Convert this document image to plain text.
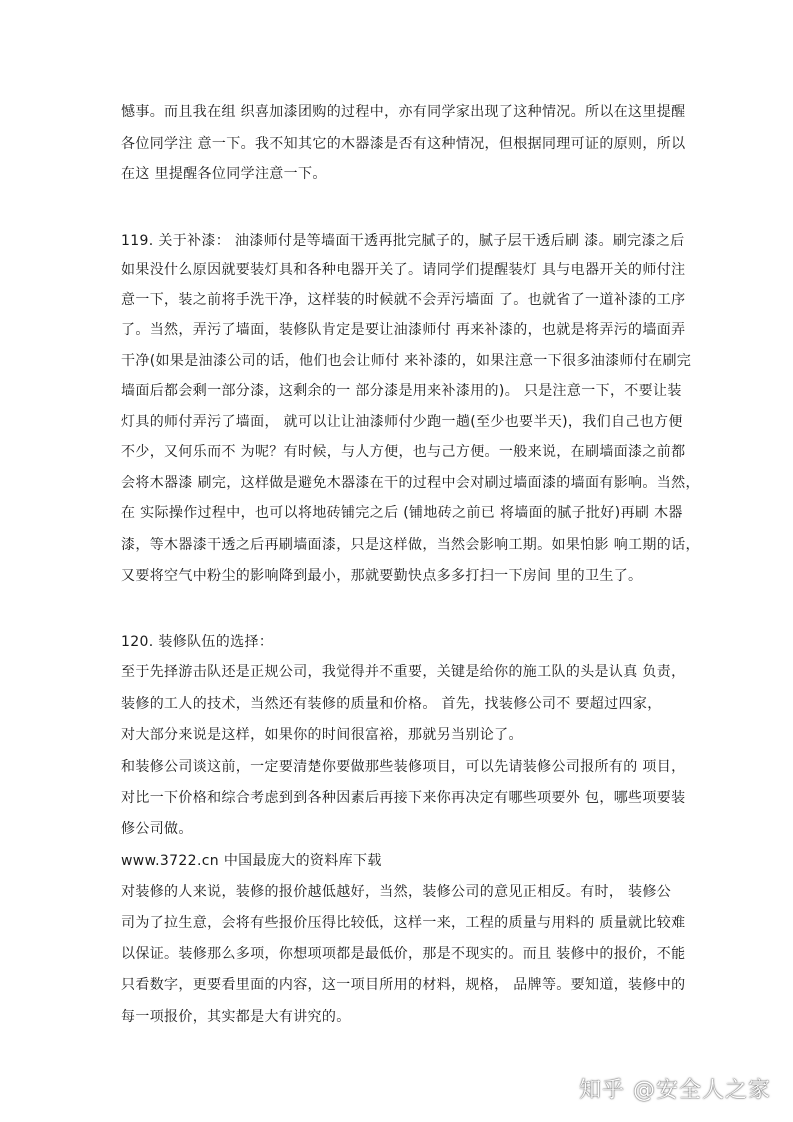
憾事。而且我在组 织喜加漆团购的过程中，亦有同学家出现了这种情况。所以在这里提醒
各位同学注 意一下。我不知其它的木器漆是否有这种情况，但根据同理可证的原则，所以
在这 里提醒各位同学注意一下。
119. 关于补漆： 油漆师付是等墙面干透再批完腻子的，腻子层干透后刷 漆。刷完漆之后
如果没什么原因就要装灯具和各种电器开关了。请同学们提醒装灯 具与电器开关的师付注
意一下，装之前将手洗干净，这样装的时候就不会弄污墙面 了。也就省了一道补漆的工序
了。当然，弄污了墙面，装修队肯定是要让油漆师付 再来补漆的，也就是将弄污的墙面弄
干净(如果是油漆公司的话，他们也会让师付 来补漆的，如果注意一下很多油漆师付在刷完
墙面后都会剩一部分漆，这剩余的一 部分漆是用来补漆用的)。 只是注意一下，不要让装
灯具的师付弄污了墙面， 就可以让让油漆师付少跑一趟(至少也要半天)，我们自己也方便
不少，又何乐而不 为呢？有时候，与人方便，也与己方便。一般来说，在刷墙面漆之前都
会将木器漆 刷完，这样做是避免木器漆在干的过程中会对刷过墙面漆的墙面有影响。当然，
在 实际操作过程中，也可以将地砖铺完之后 (铺地砖之前已 将墙面的腻子批好)再刷 木器
漆，等木器漆干透之后再刷墙面漆，只是这样做，当然会影响工期。如果怕影 响工期的话，
又要将空气中粉尘的影响降到最小，那就要勤快点多多打扫一下房间 里的卫生了。
120. 装修队伍的选择：
至于先择游击队还是正规公司，我觉得并不重要，关键是给你的施工队的头是认真 负责，
装修的工人的技术，当然还有装修的质量和价格。 首先，找装修公司不 要超过四家，
对大部分来说是这样，如果你的时间很富裕，那就另当别论了。
和装修公司谈这前，一定要清楚你要做那些装修项目，可以先请装修公司报所有的 项目，
对比一下价格和综合考虑到到各种因素后再接下来你再决定有哪些项要外 包，哪些项要装
修公司做。
www.3722.cn 中国最庞大的资料库下载
对装修的人来说，装修的报价越低越好，当然，装修公司的意见正相反。有时， 装修公
司为了拉生意，会将有些报价压得比较低，这样一来，工程的质量与用料的 质量就比较难
以保证。装修那么多项，你想项项都是最低价，那是不现实的。而且 装修中的报价，不能
只看数字，更要看里面的内容，这一项目所用的材料，规格， 品牌等。要知道，装修中的
每一项报价，其实都是大有讲究的。
知乎 @安全人之家
